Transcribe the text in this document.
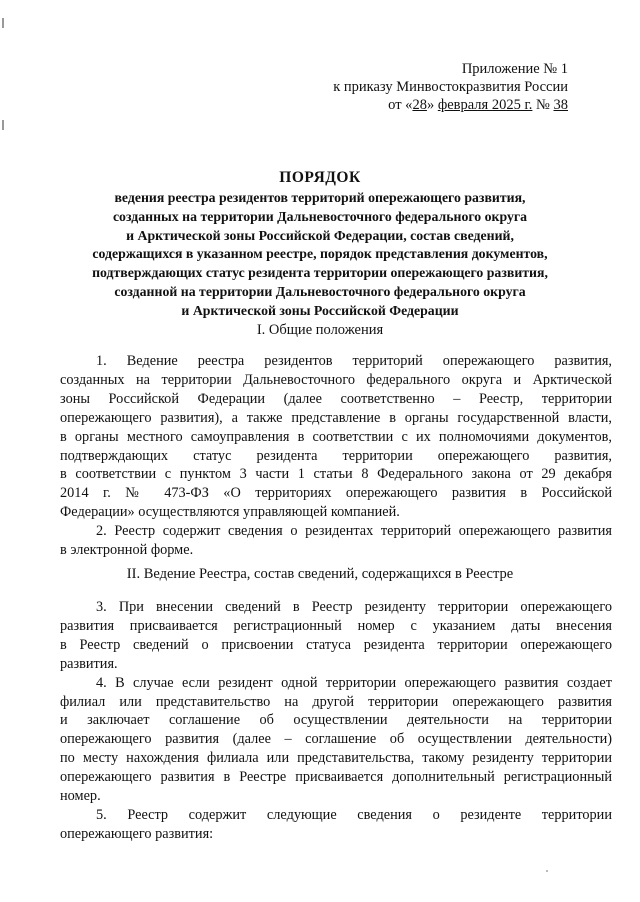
Приложение № 1
к приказу Минвостокразвития России
от «28» февраля 2025 г. № 38
ПОРЯДОК
ведения реестра резидентов территорий опережающего развития,
созданных на территории Дальневосточного федерального округа
и Арктической зоны Российской Федерации, состав сведений,
содержащихся в указанном реестре, порядок представления документов,
подтверждающих статус резидента территории опережающего развития,
созданной на территории Дальневосточного федерального округа
и Арктической зоны Российской Федерации
I. Общие положения

1. Ведение реестра резидентов территорий опережающего развития,

созданных на территории Дальневосточного федерального округа и Арктической

зоны Российской Федерации (далее соответственно – Реестр, территории

опережающего развития), а также представление в органы государственной власти,

в органы местного самоуправления в соответствии с их полномочиями документов,

подтверждающих статус резидента территории опережающего развития,

в соответствии с пунктом 3 части 1 статьи 8 Федерального закона от 29 декабря

2014 г. № 473-ФЗ «О территориях опережающего развития в Российской

Федерации» осуществляются управляющей компанией.

2. Реестр содержит сведения о резидентах территорий опережающего развития

в электронной форме.

II. Ведение Реестра, состав сведений, содержащихся в Реестре

3. При внесении сведений в Реестр резиденту территории опережающего

развития присваивается регистрационный номер с указанием даты внесения

в Реестр сведений о присвоении статуса резидента территории опережающего

развития.

4. В случае если резидент одной территории опережающего развития создает

филиал или представительство на другой территории опережающего развития

и заключает соглашение об осуществлении деятельности на территории

опережающего развития (далее – соглашение об осуществлении деятельности)

по месту нахождения филиала или представительства, такому резиденту территории

опережающего развития в Реестре присваивается дополнительный регистрационный

номер.

5. Реестр содержит следующие сведения о резиденте территории

опережающего развития:
